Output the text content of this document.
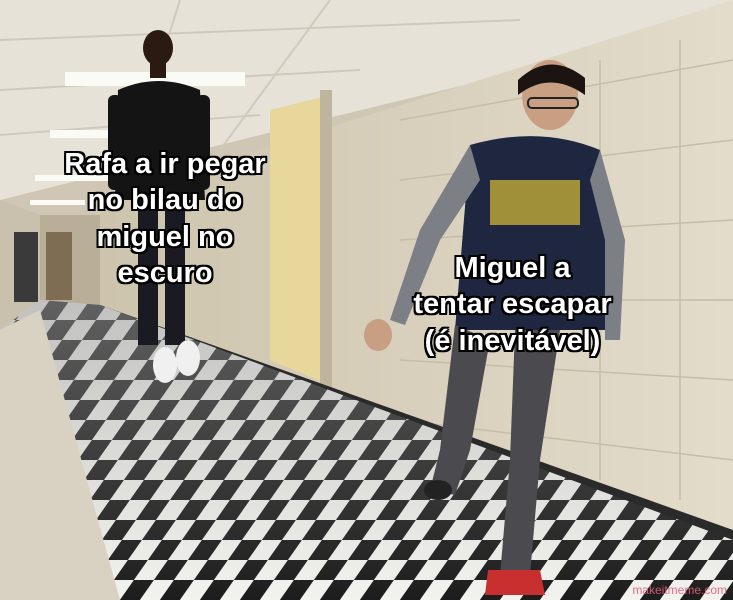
Rafa a ir pegar
no bilau do
miguel no
escuro	Miguel a
tentar escapar
(é inevitável)
makeitmeme.com
